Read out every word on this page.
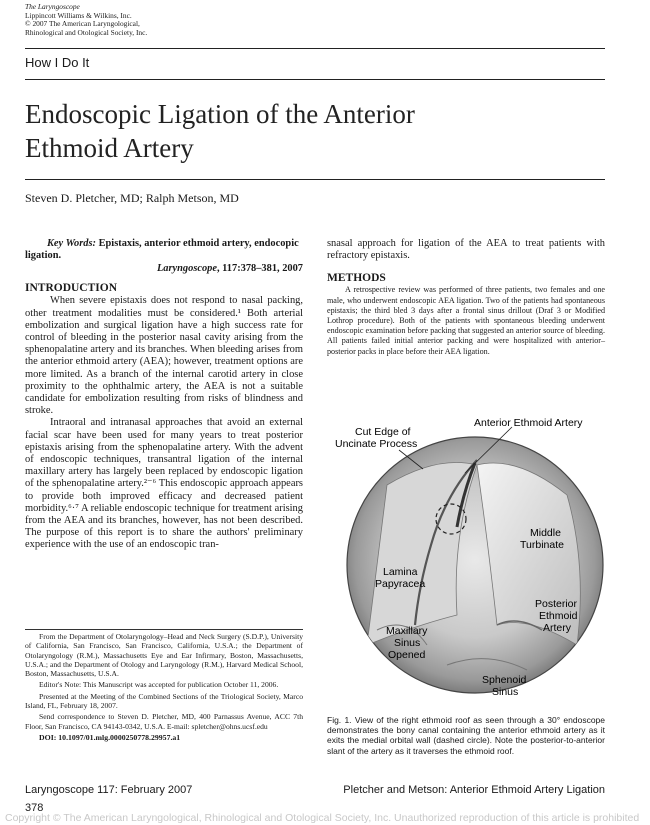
The Laryngoscope
Lippincott Williams & Wilkins, Inc.
© 2007 The American Laryngological,
Rhinological and Otological Society, Inc.
How I Do It
Endoscopic Ligation of the Anterior
Ethmoid Artery
Steven D. Pletcher, MD; Ralph Metson, MD
Key Words: Epistaxis, anterior ethmoid artery, endocopic ligation.
Laryngoscope, 117:378–381, 2007
INTRODUCTION

When severe epistaxis does not respond to nasal packing, other treatment modalities must be considered.¹ Both arterial embolization and surgical ligation have a high success rate for control of bleeding in the posterior nasal cavity arising from the sphenopalatine artery and its branches. When bleeding arises from the anterior ethmoid artery (AEA); however, treatment options are more limited. As a branch of the internal carotid artery in close proximity to the ophthalmic artery, the AEA is not a suitable candidate for embolization resulting from risks of blindness and stroke.

Intraoral and intranasal approaches that avoid an external facial scar have been used for many years to treat posterior epistaxis arising from the sphenopalatine artery. With the advent of endoscopic techniques, transantral ligation of the internal maxillary artery has largely been replaced by endoscopic ligation of the sphenopalatine artery.²⁻⁶ This endoscopic approach appears to provide both improved efficacy and decreased patient morbidity.⁶·⁷ A reliable endoscopic technique for treatment arising from the AEA and its branches, however, has not been described. The purpose of this report is to share the authors' preliminary experience with the use of an endoscopic tran-

From the Department of Otolaryngology–Head and Neck Surgery (S.D.P.), University of California, San Francisco, San Francisco, California, U.S.A.; the Department of Otolaryngology (R.M.), Massachusetts Eye and Ear Infirmary, Boston, Massachusetts, U.S.A.; and the Department of Otology and Laryngology (R.M.), Harvard Medical School, Boston, Massachusetts, U.S.A.

Editor's Note: This Manuscript was accepted for publication October 11, 2006.

Presented at the Meeting of the Combined Sections of the Triological Society, Marco Island, FL, February 18, 2007.

Send correspondence to Steven D. Pletcher, MD, 400 Parnassus Avenue, ACC 7th Floor, San Francisco, CA 94143-0342, U.S.A. E-mail: spletcher@ohns.ucsf.edu

DOI: 10.1097/01.mlg.0000250778.29957.a1

snasal approach for ligation of the AEA to treat patients with refractory epistaxis.

METHODS

A retrospective review was performed of three patients, two females and one male, who underwent endoscopic AEA ligation. Two of the patients had spontaneous epistaxis; the third bled 3 days after a frontal sinus drillout (Draf 3 or Modified Lothrop procedure). Both of the patients with spontaneous bleeding underwent endoscopic examination before packing that suggested an anterior source of bleeding. All patients failed initial anterior packing and were hospitalized with anterior–posterior packs in place before their AEA ligation.

Cut Edge of
Uncinate Process
Anterior Ethmoid Artery
Middle
Turbinate
Lamina
Papyracea
Posterior
Ethmoid
Artery
Maxillary
Sinus
Opened
Sphenoid
Sinus
Fig. 1. View of the right ethmoid roof as seen through a 30° endoscope demonstrates the bony canal containing the anterior ethmoid artery as it exits the medial orbital wall (dashed circle). Note the posterior-to-anterior slant of the artery as it traverses the ethmoid roof.
Laryngoscope 117: February 2007	Pletcher and Metson: Anterior Ethmoid Artery Ligation
378
Copyright © The American Laryngological, Rhinological and Otological Society, Inc. Unauthorized reproduction of this article is prohibited
